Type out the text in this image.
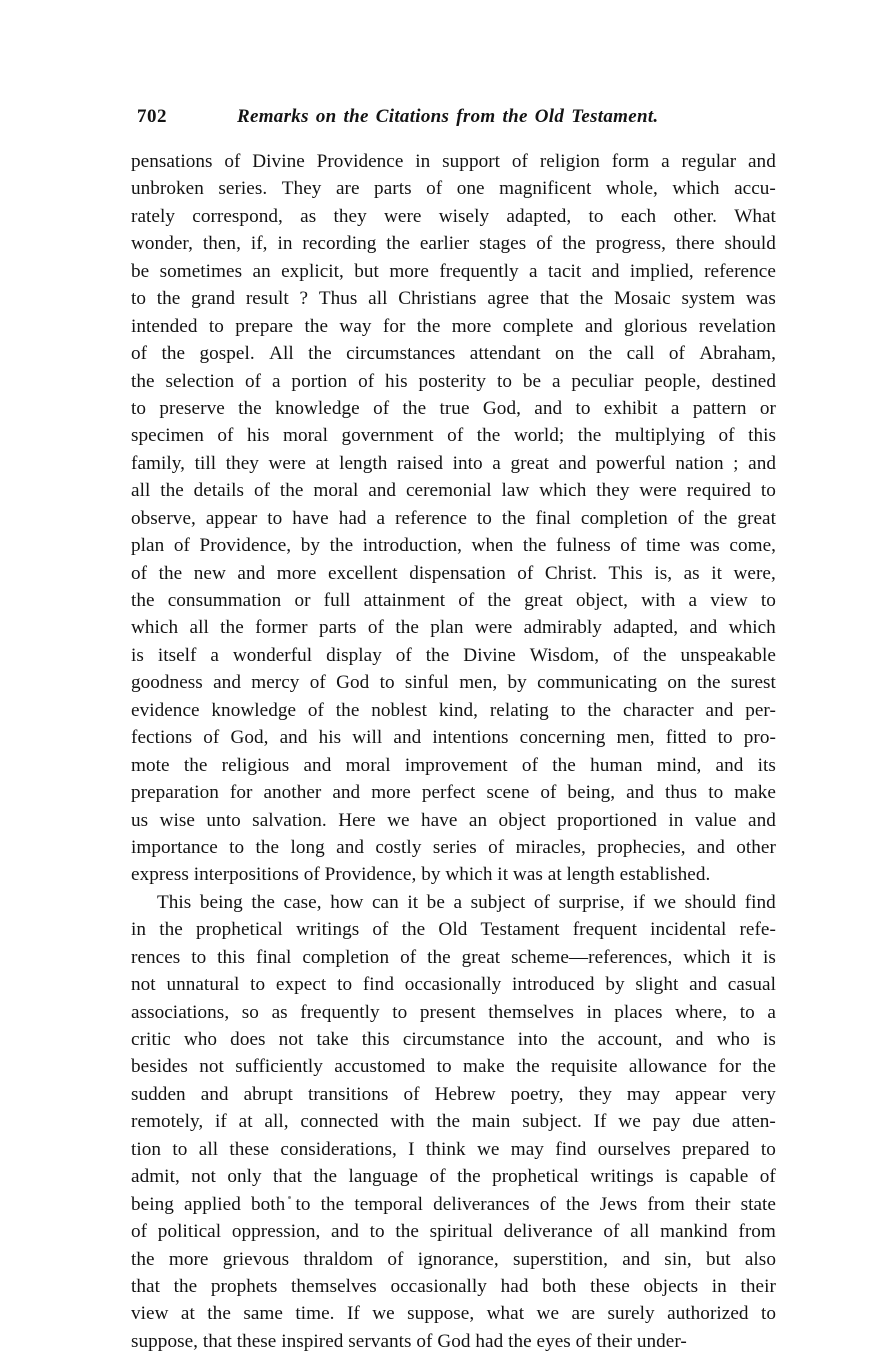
702	Remarks on the Citations from the Old Testament.
pensations of Divine Providence in support of religion form a regular and
unbroken series. They are parts of one magnificent whole, which accu-
rately correspond, as they were wisely adapted, to each other. What
wonder, then, if, in recording the earlier stages of the progress, there should
be sometimes an explicit, but more frequently a tacit and implied, reference
to the grand result ? Thus all Christians agree that the Mosaic system was
intended to prepare the way for the more complete and glorious revelation
of the gospel. All the circumstances attendant on the call of Abraham,
the selection of a portion of his posterity to be a peculiar people, destined
to preserve the knowledge of the true God, and to exhibit a pattern or
specimen of his moral government of the world; the multiplying of this
family, till they were at length raised into a great and powerful nation ; and
all the details of the moral and ceremonial law which they were required to
observe, appear to have had a reference to the final completion of the great
plan of Providence, by the introduction, when the fulness of time was come,
of the new and more excellent dispensation of Christ. This is, as it were,
the consummation or full attainment of the great object, with a view to
which all the former parts of the plan were admirably adapted, and which
is itself a wonderful display of the Divine Wisdom, of the unspeakable
goodness and mercy of God to sinful men, by communicating on the surest
evidence knowledge of the noblest kind, relating to the character and per-
fections of God, and his will and intentions concerning men, fitted to pro-
mote the religious and moral improvement of the human mind, and its
preparation for another and more perfect scene of being, and thus to make
us wise unto salvation. Here we have an object proportioned in value and
importance to the long and costly series of miracles, prophecies, and other
express interpositions of Providence, by which it was at length established.
This being the case, how can it be a subject of surprise, if we should find
in the prophetical writings of the Old Testament frequent incidental refe-
rences to this final completion of the great scheme—references, which it is
not unnatural to expect to find occasionally introduced by slight and casual
associations, so as frequently to present themselves in places where, to a
critic who does not take this circumstance into the account, and who is
besides not sufficiently accustomed to make the requisite allowance for the
sudden and abrupt transitions of Hebrew poetry, they may appear very
remotely, if at all, connected with the main subject. If we pay due atten-
tion to all these considerations, I think we may find ourselves prepared to
admit, not only that the language of the prophetical writings is capable of
being applied both to the temporal deliverances of the Jews from their state
of political oppression, and to the spiritual deliverance of all mankind from
the more grievous thraldom of ignorance, superstition, and sin, but also
that the prophets themselves occasionally had both these objects in their
view at the same time. If we suppose, what we are surely authorized to
suppose, that these inspired servants of God had the eyes of their under-
